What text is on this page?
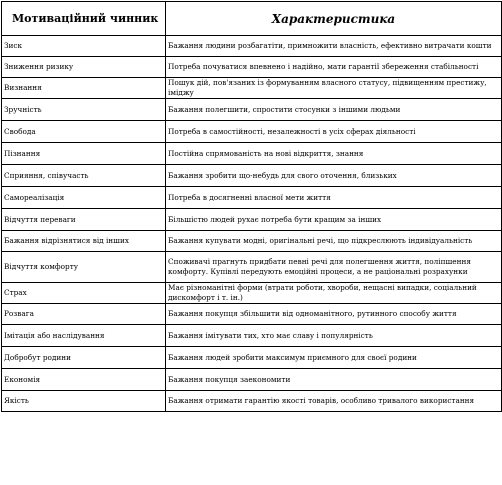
Мотиваційний чинник	Характеристика
Зиск	Бажання людини розбагатіти, примножити власність, ефективно витрачати кошти
Зниження ризику	Потреба почуватися впевнено і надійно, мати гарантії збереження стабільності
Визнання	Пошук дій, пов'язаних із формуванням власного статусу, підвищенням престижу, іміджу
Зручність	Бажання полегшити, спростити стосунки з іншими людьми
Свобода	Потреба в самостійності, незалежності в усіх сферах діяльності
Пізнання	Постійна спрямованість на нові відкриття, знання
Сприяння, співучасть	Бажання зробити що-небудь для свого оточення, близьких
Самореалізація	Потреба в досягненні власної мети життя
Відчуття переваги	Більшістю людей рухає потреба бути кращим за інших
Бажання відрізнятися від інших	Бажання купувати модні, оригінальні речі, що підкреслюють індивідуальність
Відчуття комфорту	Споживачі прагнуть придбати певні речі для полегшення життя, поліпшення комфорту. Купівлі передують емоційні процеси, а не раціональні розрахунки
Страх	Має різноманітні форми (втрати роботи, хвороби, нещасні випадки, соціальний дискомфорт і т. ін.)
Розвага	Бажання покупця збільшити від одноманітного, рутинного способу життя
Імітація або наслідування	Бажання імітувати тих, хто має славу і популярність
Добробут родини	Бажання людей зробити максимум приємного для своєї родини
Економія	Бажання покупця заекономити
Якість	Бажання отримати гарантію якості товарів, особливо тривалого використання
